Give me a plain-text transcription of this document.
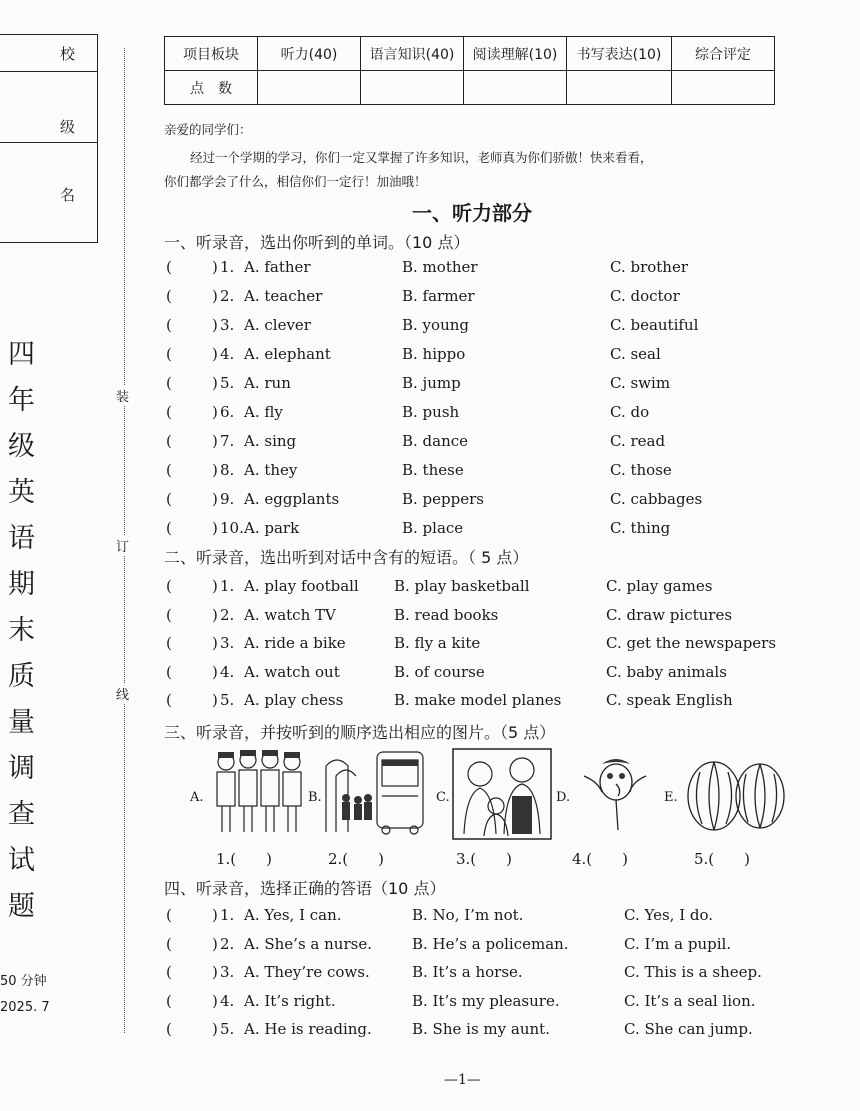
校
级
名
四
年
级
英
语
期
末
质
量
调
查
试
题
50 分钟
2025. 7
装
订
线
项目板块	听力(40)	语言知识(40)	阅读理解(10)	书写表达(10)	综合评定
点　数					
亲爱的同学们：
经过一个学期的学习，你们一定又掌握了许多知识，老师真为你们骄傲！快来看看，
你们都学会了什么，相信你们一定行！加油哦！
一、听力部分
一、听录音，选出你听到的单词。（10 点）
(	) 1. A. father	B. mother	C. brother
(	) 2. A. teacher	B. farmer	C. doctor
(	) 3. A. clever	B. young	C. beautiful
(	) 4. A. elephant	B. hippo	C. seal
(	) 5. A. run	B. jump	C. swim
(	) 6. A. fly	B. push	C. do
(	) 7. A. sing	B. dance	C. read
(	) 8. A. they	B. these	C. those
(	) 9. A. eggplants	B. peppers	C. cabbages
(	) 10. A. park	B. place	C. thing
二、听录音，选出听到对话中含有的短语。（ 5 点）
(	) 1. A. play football B. play basketball	C. play games
(	) 2. A. watch TV	B. read books	C. draw pictures
(	) 3. A. ride a bike	B. fly a kite	C. get the newspapers
(	) 4. A. watch out	B. of course	C. baby animals
(	) 5. A. play chess	B. make model planes	C. speak English
三、听录音，并按听到的顺序选出相应的图片。（5 点）
A.	B.	C.	D.	E.
1.(　　)	2.(　　)	3.(　　)	4.(　　)	5.(　　)
四、听录音，选择正确的答语（10 点）
(	) 1. A. Yes, I can.	B. No, I’m not.	C. Yes, I do.
(	) 2. A. She’s a nurse.	B. He’s a policeman.	C. I’m a pupil.
(	) 3. A. They’re cows.	B. It’s a horse.	C. This is a sheep.
(	) 4. A. It’s right.	B. It’s my pleasure.	C. It’s a seal lion.
(	) 5. A. He is reading.	B. She is my aunt.	C. She can jump.
—1—
